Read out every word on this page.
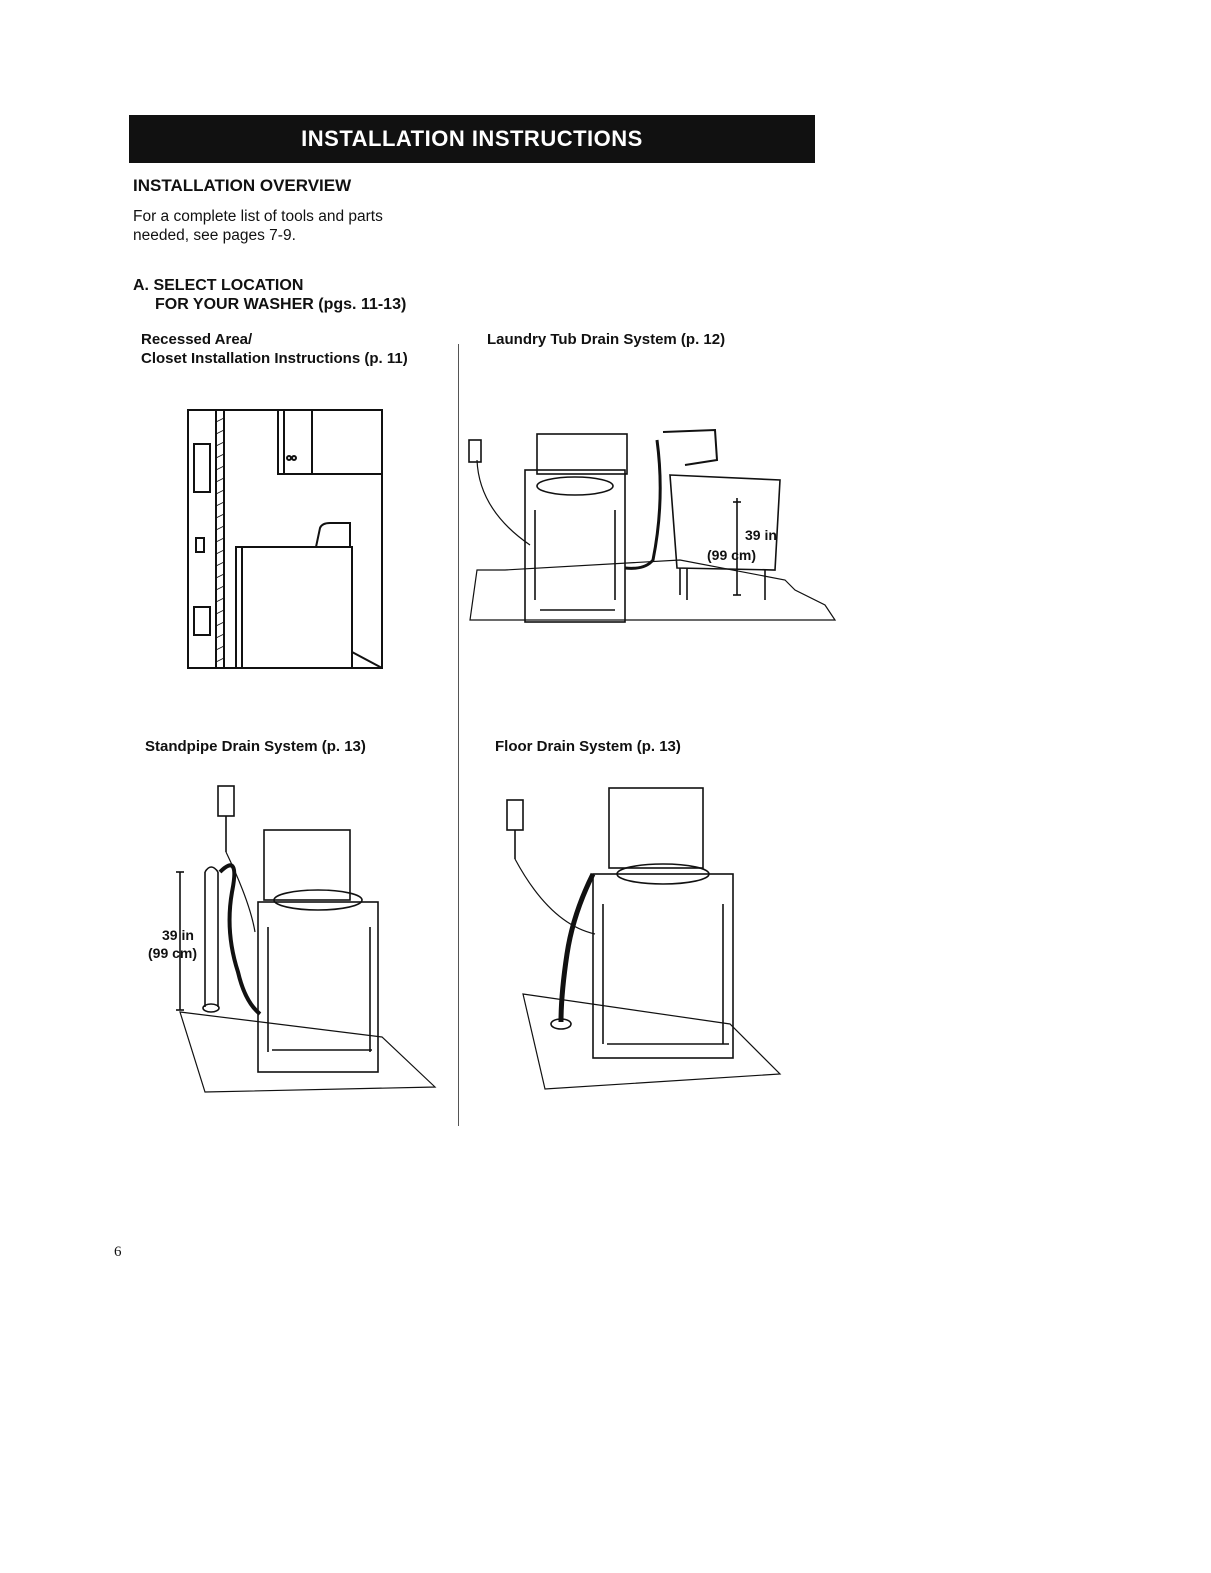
INSTALLATION INSTRUCTIONS
INSTALLATION OVERVIEW
For a complete list of tools and parts
needed, see pages 7-9.
A. SELECT LOCATION
FOR YOUR WASHER (pgs. 11-13)
Recessed Area/
Closet Installation Instructions (p. 11)
Laundry Tub Drain System (p. 12)
Standpipe Drain System (p. 13)	Floor Drain System (p. 13)
39 in
(99 cm)
39 in
(99 cm)
6
